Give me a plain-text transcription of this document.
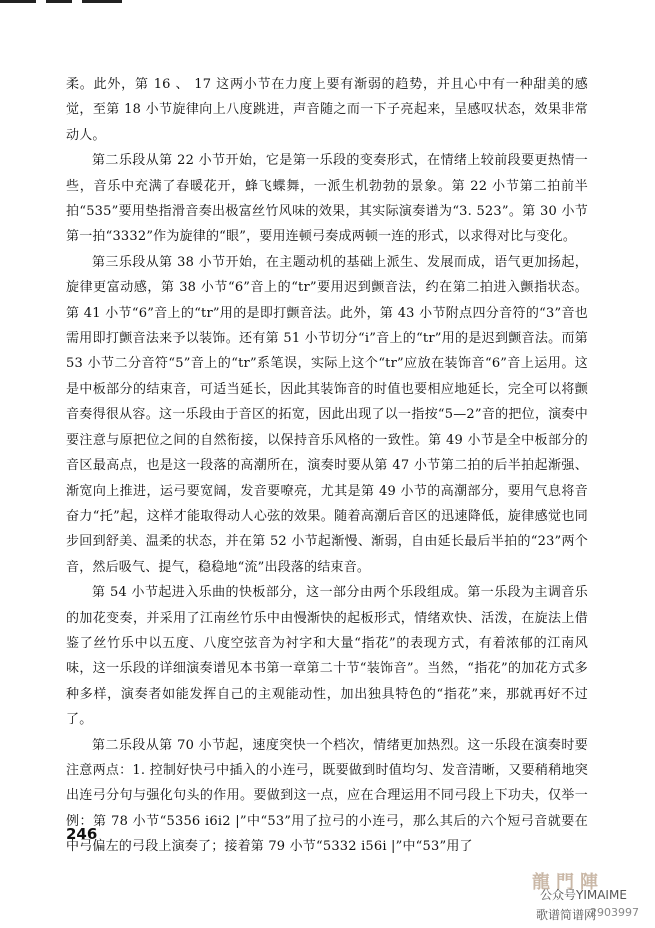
柔。此外，第 16 、 17 这两小节在力度上要有渐弱的趋势，并且心中有一种甜美的感觉，至第 18 小节旋律向上八度跳进，声音随之而一下子亮起来，呈感叹状态，效果非常动人。

第二乐段从第 22 小节开始，它是第一乐段的变奏形式，在情绪上较前段要更热情一些，音乐中充满了春暖花开，蜂飞蝶舞，一派生机勃勃的景象。第 22 小节第二拍前半拍“535”要用垫指滑音奏出极富丝竹风味的效果，其实际演奏谱为“3. 523”。第 30 小节第一拍“3332”作为旋律的“眼”，要用连顿弓奏成两顿一连的形式，以求得对比与变化。

第三乐段从第 38 小节开始，在主题动机的基础上派生、发展而成，语气更加扬起，旋律更富动感，第 38 小节“6”音上的“tr”要用迟到颤音法，约在第二拍进入颤指状态。第 41 小节“6”音上的“tr”用的是即打颤音法。此外，第 43 小节附点四分音符的“3”音也需用即打颤音法来予以装饰。还有第 51 小节切分“i”音上的“tr”用的是迟到颤音法。而第 53 小节二分音符“5”音上的“tr”系笔误，实际上这个“tr”应放在装饰音“6”音上运用。这是中板部分的结束音，可适当延长，因此其装饰音的时值也要相应地延长，完全可以将颤音奏得很从容。这一乐段由于音区的拓宽，因此出现了以一指按“5—2”音的把位，演奏中要注意与原把位之间的自然衔接，以保持音乐风格的一致性。第 49 小节是全中板部分的音区最高点，也是这一段落的高潮所在，演奏时要从第 47 小节第二拍的后半拍起渐强、渐宽向上推进，运弓要宽阔，发音要嘹亮，尤其是第 49 小节的高潮部分，要用气息将音奋力“托”起，这样才能取得动人心弦的效果。随着高潮后音区的迅速降低，旋律感觉也同步回到舒美、温柔的状态，并在第 52 小节起渐慢、渐弱，自由延长最后半拍的“23”两个音，然后吸气、提气，稳稳地“流”出段落的结束音。

第 54 小节起进入乐曲的快板部分，这一部分由两个乐段组成。第一乐段为主调音乐的加花变奏，并采用了江南丝竹乐中由慢渐快的起板形式，情绪欢快、活泼，在旋法上借鉴了丝竹乐中以五度、八度空弦音为衬字和大量“指花”的表现方式，有着浓郁的江南风味，这一乐段的详细演奏谱见本书第一章第二十节“装饰音”。当然，“指花”的加花方式多种多样，演奏者如能发挥自己的主观能动性，加出独具特色的“指花”来，那就再好不过了。

第二乐段从第 70 小节起，速度突快一个档次，情绪更加热烈。这一乐段在演奏时要注意两点：1. 控制好快弓中插入的小连弓，既要做到时值均匀、发音清晰，又要稍稍地突出连弓分句与强化句头的作用。要做到这一点，应在合理运用不同弓段上下功夫，仅举一例：第 78 小节“5356 i6i2 |”中“53”用了拉弓的小连弓，那么其后的六个短弓音就要在中弓偏左的弓段上演奏了；接着第 79 小节“5332 i56i |”中“53”用了

246
龍門陣
公众号YIMAIME
歌谱简谱网
2903997
